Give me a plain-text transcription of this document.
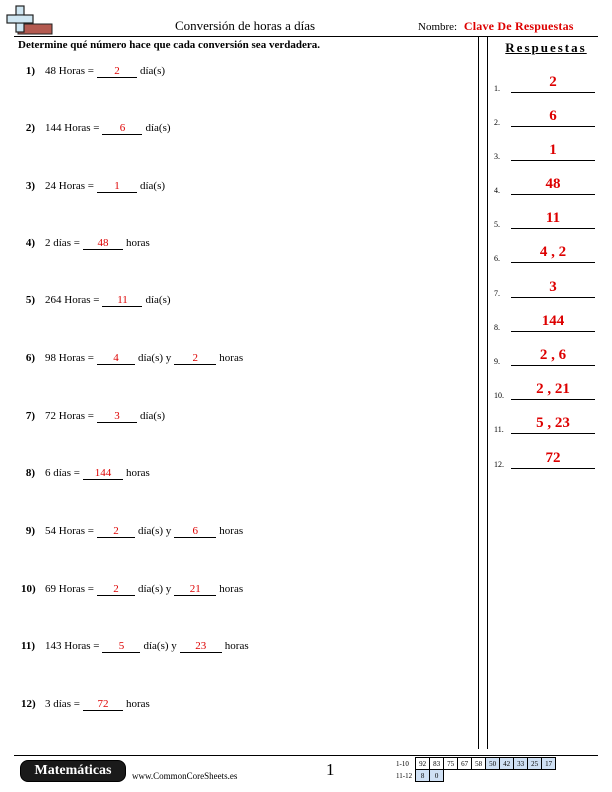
Conversión de horas a días	Nombre: Clave De Respuestas
Determine qué número hace que cada conversión sea verdadera.	Respuestas
1) 48 Horas = 2 día(s)
2) 144 Horas = 6 día(s)
3) 24 Horas = 1 día(s)
4) 2 días = 48 horas
5) 264 Horas = 11 día(s)
6) 98 Horas = 4 día(s) y 2 horas
7) 72 Horas = 3 día(s)
8) 6 días = 144 horas
9) 54 Horas = 2 día(s) y 6 horas
10) 69 Horas = 2 día(s) y 21 horas
11) 143 Horas = 5 día(s) y 23 horas
12) 3 días = 72 horas
1.	2
2.	6
3.	1
4.	48
5.	11
6.	4 , 2
7.	3
8.	144
9.	2 , 6
10.	2 , 21
11.	5 , 23
12.	72
Matemáticas	www.CommonCoreSheets.es	1	1-10	92	83	75	67	58	50	42	33	25	17
11-12	8	0								
